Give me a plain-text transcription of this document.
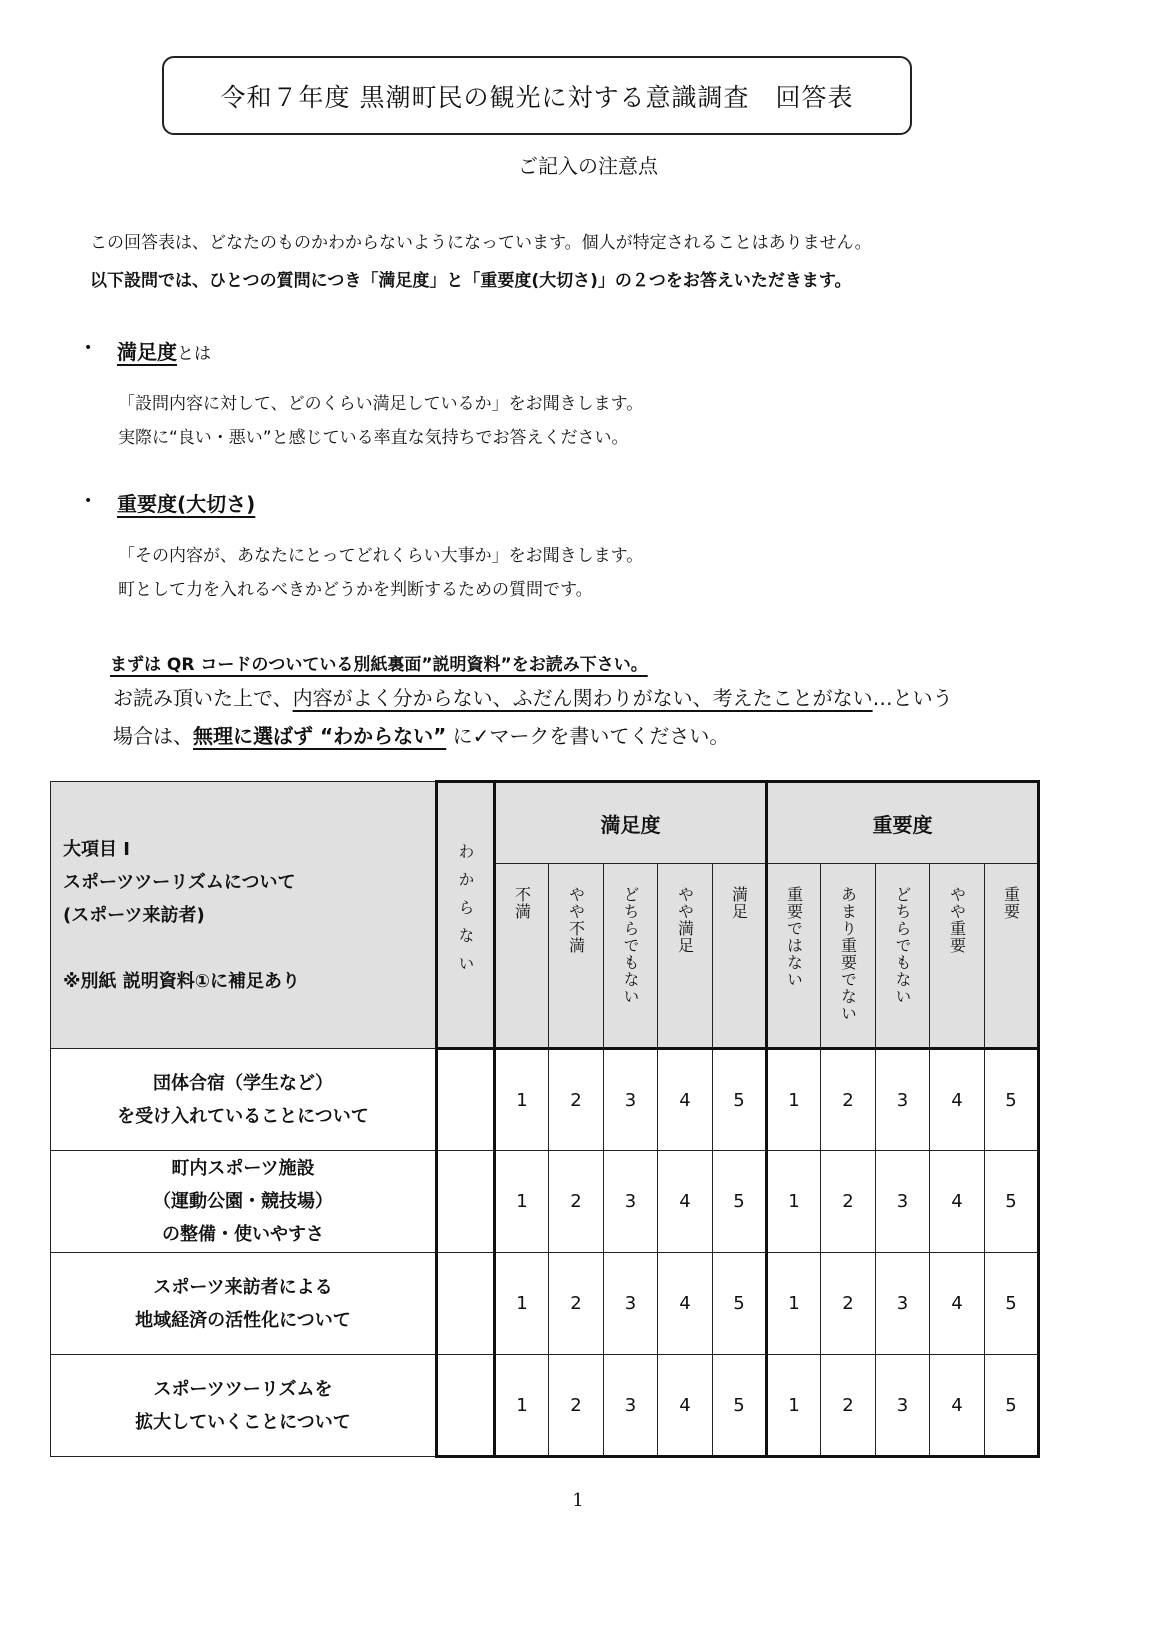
令和７年度 黒潮町民の観光に対する意識調査　回答表
ご記入の注意点
この回答表は、どなたのものかわからないようになっています。個人が特定されることはありません。
以下設問では、ひとつの質問につき「満足度」と「重要度(大切さ)」の２つをお答えいただきます。
• 満足度とは
「設問内容に対して、どのくらい満足しているか」をお聞きします。
実際に“良い・悪い”と感じている率直な気持ちでお答えください。
• 重要度(大切さ)
「その内容が、あなたにとってどれくらい大事か」をお聞きします。
町として力を入れるべきかどうかを判断するための質問です。
まずは QR コードのついている別紙裏面”説明資料”をお読み下さい。
お読み頂いた上で、内容がよく分からない、ふだん関わりがない、考えたことがない…という
場合は、無理に選ばず “わからない” に✓マークを書いてください。
大項目 Ⅰ
スポーツツーリズムについて
(スポーツ来訪者)
※別紙 説明資料①に補足あり	わからない	満足度					重要度				
		不満	やや不満	どちらでもない	やや満足	満足	重要ではない	あまり重要でない	どちらでもない	やや重要	重要

団体合宿（学生など）
を受け入れていることについて		1	2	3	4	5	1	2	3	4	5

町内スポーツ施設
（運動公園・競技場）
の整備・使いやすさ		1	2	3	4	5	1	2	3	4	5

スポーツ来訪者による
地域経済の活性化について		1	2	3	4	5	1	2	3	4	5

スポーツツーリズムを
拡大していくことについて		1	2	3	4	5	1	2	3	4	5
1
